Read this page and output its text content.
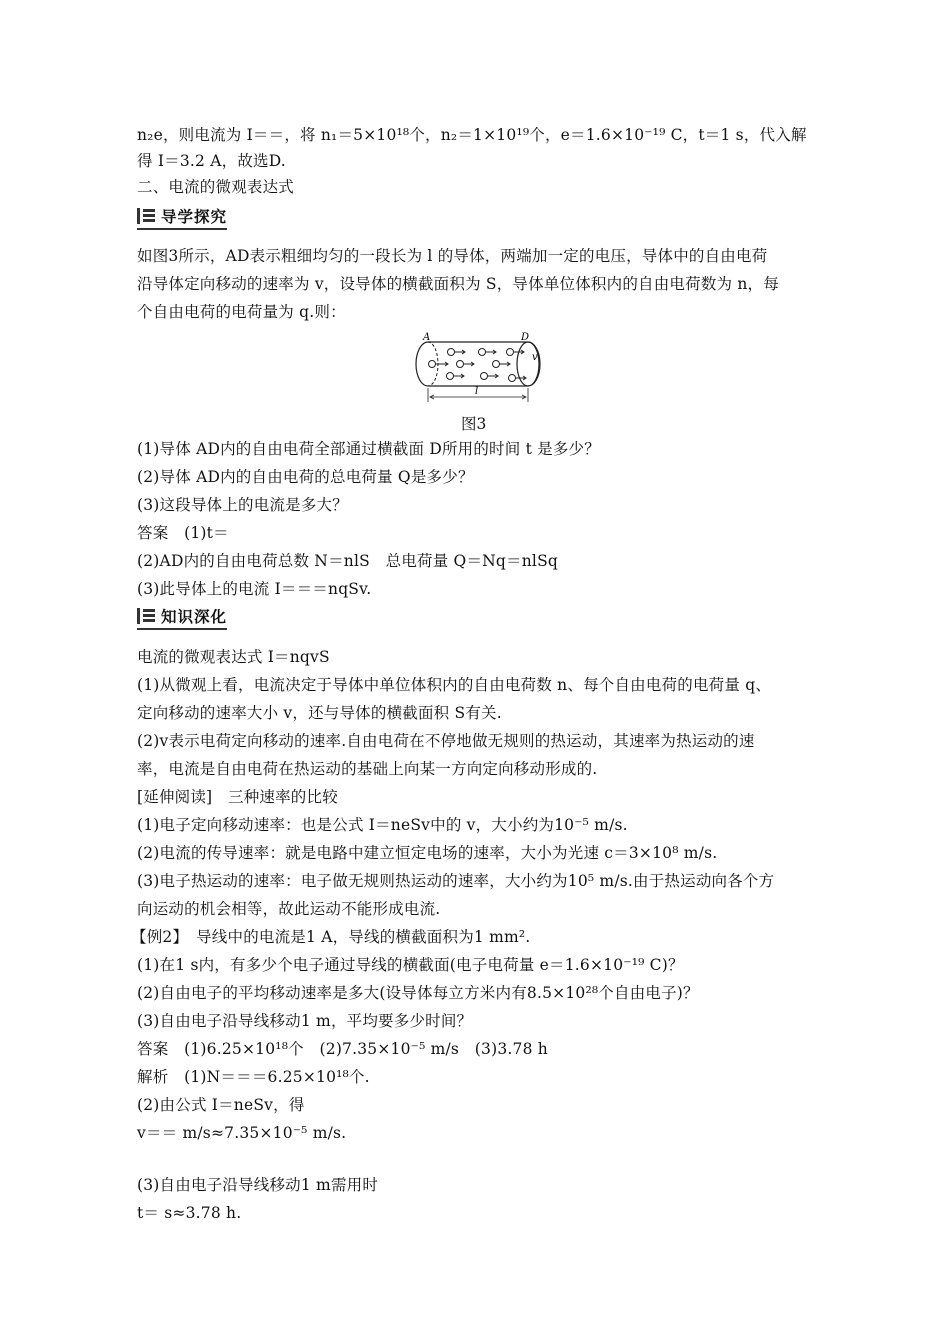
n₂e，则电流为 I＝＝，将 n₁＝5×10¹⁸个，n₂＝1×10¹⁹个，e＝1.6×10⁻¹⁹ C，t＝1 s，代入解
得 I＝3.2 A，故选D.
二、电流的微观表达式
导学探究
如图3所示，AD表示粗细均匀的一段长为 l 的导体，两端加一定的电压，导体中的自由电荷
沿导体定向移动的速率为 v，设导体的横截面积为 S，导体单位体积内的自由电荷数为 n，每
个自由电荷的电荷量为 q.则：
A	D
v
l
图3
(1)导体 AD内的自由电荷全部通过横截面 D所用的时间 t 是多少？
(2)导体 AD内的自由电荷的总电荷量 Q是多少？
(3)这段导体上的电流是多大？
答案　(1)t＝
(2)AD内的自由电荷总数 N＝nlS　总电荷量 Q＝Nq＝nlSq
(3)此导体上的电流 I＝＝＝nqSv.
知识深化
电流的微观表达式 I＝nqvS
(1)从微观上看，电流决定于导体中单位体积内的自由电荷数 n、每个自由电荷的电荷量 q、
定向移动的速率大小 v，还与导体的横截面积 S有关.
(2)v表示电荷定向移动的速率.自由电荷在不停地做无规则的热运动，其速率为热运动的速
率，电流是自由电荷在热运动的基础上向某一方向定向移动形成的.
[延伸阅读]　三种速率的比较
(1)电子定向移动速率：也是公式 I＝neSv中的 v，大小约为10⁻⁵ m/s.
(2)电流的传导速率：就是电路中建立恒定电场的速率，大小为光速 c＝3×10⁸ m/s.
(3)电子热运动的速率：电子做无规则热运动的速率，大小约为10⁵ m/s.由于热运动向各个方
向运动的机会相等，故此运动不能形成电流.
【例2】　导线中的电流是1 A，导线的横截面积为1 mm².
(1)在1 s内，有多少个电子通过导线的横截面(电子电荷量 e＝1.6×10⁻¹⁹ C)？
(2)自由电子的平均移动速率是多大(设导体每立方米内有8.5×10²⁸个自由电子)？
(3)自由电子沿导线移动1 m，平均要多少时间？
答案　(1)6.25×10¹⁸个　(2)7.35×10⁻⁵ m/s　(3)3.78 h
解析　(1)N＝＝＝6.25×10¹⁸个.
(2)由公式 I＝neSv，得
v＝＝ m/s≈7.35×10⁻⁵ m/s.
(3)自由电子沿导线移动1 m需用时
t＝ s≈3.78 h.
